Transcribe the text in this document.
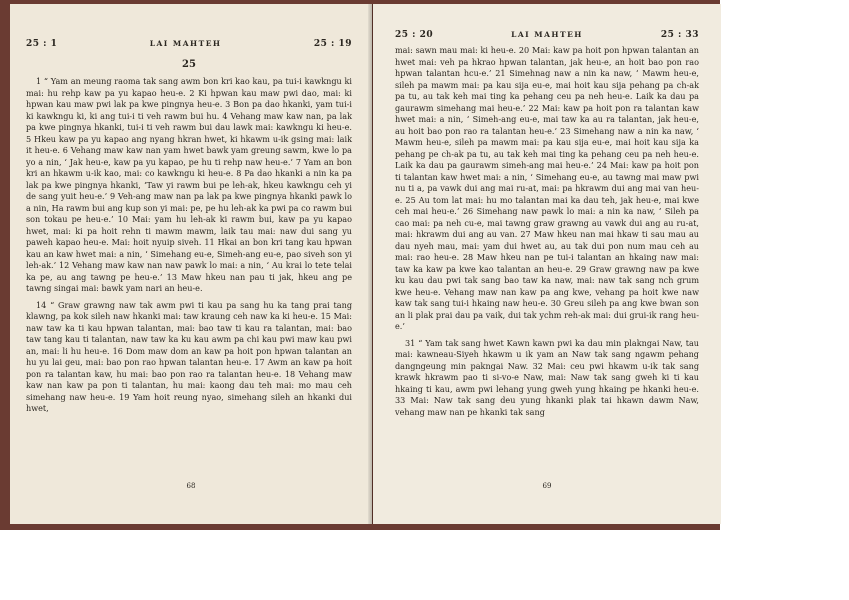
25 : 1	LAI MAHTEH	25 : 19
25

1 “ Yam an meung raoma tak sang awm bon kri kao kau, pa tui-i kawkngu ki mai: hu rehp kaw pa yu kapao heu-e. 2 Ki hpwan kau maw pwi dao, mai: ki hpwan kau maw pwi lak pa kwe pingnya heu-e. 3 Bon pa dao hkanki, yam tui-i ki kawkngu ki, ki ang tui-i ti veh rawm bui hu. 4 Vehang maw kaw nan, pa lak pa kwe pingnya hkanki, tui-i ti veh rawm bui dau lawk mai: kawkngu ki heu-e. 5 Hkeu kaw pa yu kapao ang nyang hkran hwet, ki hkawm u-ik gsing mai: laik it heu-e. 6 Vehang maw kaw nan yam hwet bawk yam greung sawm, kwe lo pa yo a nin, ‘ Jak heu-e, kaw pa yu kapao, pe hu ti rehp naw heu-e.’ 7 Yam an bon kri an hkawm u-ik kao, mai: co kawkngu ki heu-e. 8 Pa dao hkanki a nin ka pa lak pa kwe pingnya hkanki, ‘Taw yi rawm bui pe leh-ak, hkeu kawkngu ceh yi de sang yuit heu-e.’ 9 Veh-ang maw nan pa lak pa kwe pingnya hkanki pawk lo a nin, Ha rawm bui ang kup son yi mai: pe, pe hu leh-ak ka pwi pa co rawm bui son tokau pe heu-e.’ 10 Mai: yam hu leh-ak ki rawm bui, kaw pa yu kapao hwet, mai: ki pa hoit rehn ti mawm mawm, laik tau mai: naw dui sang yu paweh kapao heu-e. Mai: hoit nyuip siveh. 11 Hkai an bon kri tang kau hpwan kau an kaw hwet mai: a nin, ‘ Simehang eu-e, Simeh-ang eu-e, pao siveh son yi leh-ak.’ 12 Vehang maw kaw nan naw pawk lo mai: a nin, ‘ Au krai lo tete telai ka pe, au ang tawng pe heu-e.’ 13 Maw hkeu nan pau ti jak, hkeu ang pe tawng singai mai: bawk yam nari an heu-e.

14 “ Graw grawng naw tak awm pwi ti kau pa sang hu ka tang prai tang klawng, pa kok sileh naw hkanki mai: taw kraung ceh naw ka ki heu-e. 15 Mai: naw taw ka ti kau hpwan talantan, mai: bao taw ti kau ra talantan, mai: bao taw tang kau ti talantan, naw taw ka ku kau awm pa chi kau pwi maw kau pwi an, mai: li hu heu-e. 16 Dom maw dom an kaw pa hoit pon hpwan talantan an hu yu lai geu, mai: bao pon rao hpwan talantan heu-e. 17 Awm an kaw pa hoit pon ra talantan kaw, hu mai: bao pon rao ra talantan heu-e. 18 Vehang maw kaw nan kaw pa pon ti talantan, hu mai: kaong dau teh mai: mo mau ceh simehang naw heu-e. 19 Yam hoit reung nyao, simehang sileh an hkanki dui hwet,

68
25 : 20	LAI MAHTEH	25 : 33

mai: sawn mau mai: ki heu-e. 20 Mai: kaw pa hoit pon hpwan talantan an hwet mai: veh pa hkrao hpwan talantan, jak heu-e, an hoit bao pon rao hpwan talantan hcu-e.’ 21 Simehnag naw a nin ka naw, ‘ Mawm heu-e, sileh pa mawm mai: pa kau sija eu-e, mai hoit kau sija pehang pa ch-ak pa tu, au tak keh mai ting ka pehang ceu pa neh heu-e. Laik ka dau pa gaurawm simehang mai heu-e.’ 22 Mai: kaw pa hoit pon ra talantan kaw hwet mai: a nin, ‘ Simeh-ang eu-e, mai taw ka au ra talantan, jak heu-e, au hoit bao pon rao ra talantan heu-e.’ 23 Simehang naw a nin ka naw, ‘ Mawm heu-e, sileh pa mawm mai: pa kau sija eu-e, mai hoit kau sija ka pehang pe ch-ak pa tu, au tak keh mai ting ka pehang ceu pa neh heu-e. Laik ka dau pa gaurawm simeh-ang mai heu-e.’ 24 Mai: kaw pa hoit pon ti talantan kaw hwet mai: a nin, ‘ Simehang eu-e, au tawng mai maw pwi nu ti a, pa vawk dui ang mai ru-at, mai: pa hkrawm dui ang mai van heu-e. 25 Au tom lat mai: hu mo talantan mai ka dau teh, jak heu-e, mai kwe ceh mai heu-e.’ 26 Simehang naw pawk lo mai: a nin ka naw, ‘ Sileh pa cao mai: pa neh cu-e, mai tawng graw grawng au vawk dui ang au ru-at, mai: hkrawm dui ang au van. 27 Maw hkeu nan mai hkaw ti sau mau au dau nyeh mau, mai: yam dui hwet au, au tak dui pon num mau ceh au mai: rao heu-e. 28 Maw hkeu nan pe tui-i talantan an hkaing naw mai: taw ka kaw pa kwe kao talantan an heu-e. 29 Graw grawng naw pa kwe ku kau dau pwi tak sang bao taw ka naw, mai: naw tak sang nch grum kwe heu-e. Vehang maw nan kaw pa ang kwe, vehang pa hoit kwe naw kaw tak sang tui-i hkaing naw heu-e. 30 Greu sileh pa ang kwe bwan son an li plak prai dau pa vaik, dui tak ychm reh-ak mai: dui grui-ik rang heu-e.’

31 “ Yam tak sang hwet Kawn kawn pwi ka dau min plakngai Naw, tau mai: kawneau-Siyeh hkawm u ik yam an Naw tak sang ngawm pehang dangngeung min pakngai Naw. 32 Mai: ceu pwi hkawm u-ik tak sang krawk hkrawm pao ti si-vo-e Naw, mai: Naw tak sang gweh ki ti kau hkaing ti kau, awm pwi lehang yung gweh yung hkaing pe hkanki heu-e. 33 Mai: Naw tak sang deu yung hkanki plak tai hkawn dawm Naw, vehang maw nan pe hkanki tak sang

69
